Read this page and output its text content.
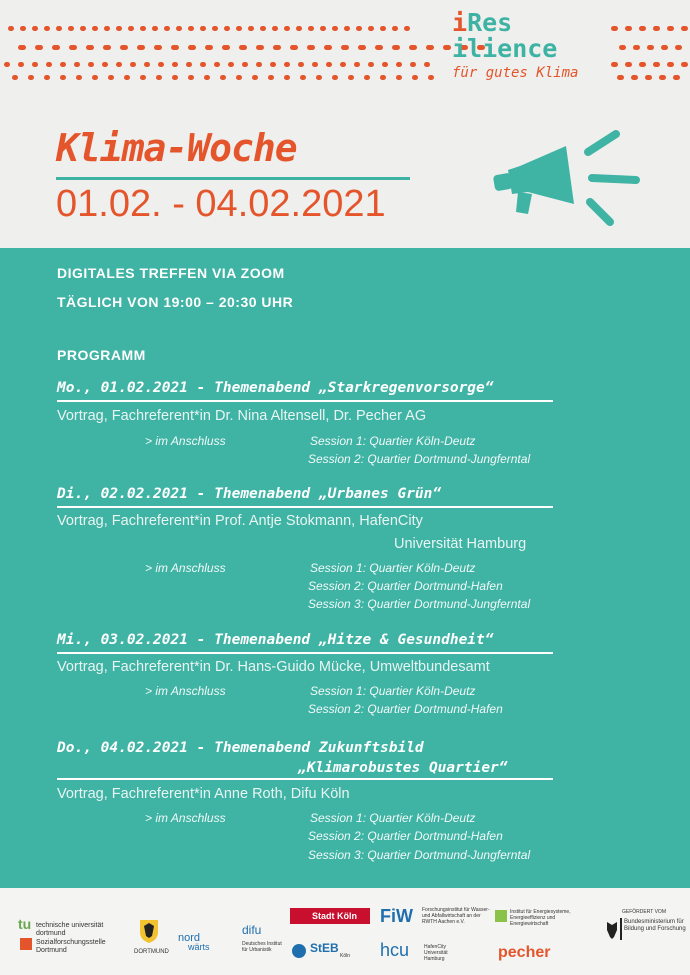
iRes
ilience
für gutes Klima
Klima-Woche
01.02. - 04.02.2021
DIGITALES TREFFEN VIA ZOOM
TÄGLICH VON 19:00 – 20:30 UHR
PROGRAMM
Mo., 01.02.2021 - Themenabend „Starkregenvorsorge“
Vortrag, Fachreferent*in Dr. Nina Altensell, Dr. Pecher AG
> im Anschluss	Session 1: Quartier Köln-Deutz
Session 2: Quartier Dortmund-Jungferntal
Di., 02.02.2021 - Themenabend „Urbanes Grün“
Vortrag, Fachreferent*in Prof. Antje Stokmann, HafenCity
Universität Hamburg
> im Anschluss	Session 1: Quartier Köln-Deutz
Session 2: Quartier Dortmund-Hafen
Session 3: Quartier Dortmund-Jungferntal
Mi., 03.02.2021 - Themenabend „Hitze & Gesundheit“
Vortrag, Fachreferent*in Dr. Hans-Guido Mücke, Umweltbundesamt
> im Anschluss	Session 1: Quartier Köln-Deutz
Session 2: Quartier Dortmund-Hafen
Do., 04.02.2021 - Themenabend Zukunftsbild
„Klimarobustes Quartier“
Vortrag, Fachreferent*in Anne Roth, Difu Köln
> im Anschluss	Session 1: Quartier Köln-Deutz
Session 2: Quartier Dortmund-Hafen
Session 3: Quartier Dortmund-Jungferntal
tu technische universität dortmund
Sozialforschungsstelle Dortmund	DORTMUND
nord
wärts
difu
Deutsches Institut für Urbanistik
Stadt Köln
StEB
Köln
FiW Forschungsinstitut für Wasser- und Abfallwirtschaft an der RWTH Aachen e.V.
hcu	HafenCity Universität Hamburg
Institut für Energiesysteme, Energieeffizienz und Energiewirtschaft
pecher
GEFÖRDERT VOM
Bundesministerium für Bildung und Forschung
